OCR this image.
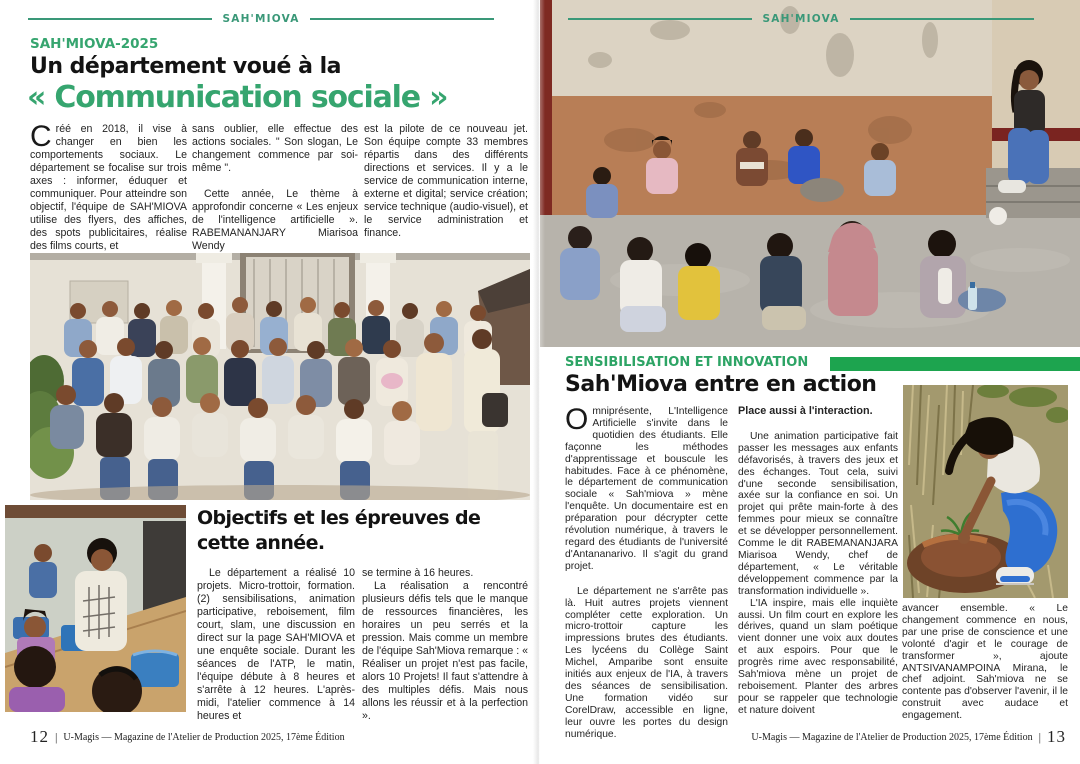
SAH'MIOVA
SAH'MIOVA-2025
Un département voué à la
« Communication sociale »

Créé en 2018, il vise à changer en bien les comportements sociaux. Le département se focalise sur trois axes : informer, éduquer et communiquer. Pour atteindre son objectif, l'équipe de SAH'MIOVA utilise des flyers, des affiches, des spots publicitaires, réalise des films courts, et

sans oublier, elle effectue des actions sociales. " Son slogan, Le changement commence par soi-même ".

Cette année, Le thème à approfondir concerne « Les enjeux de l'intelligence artificielle ». RABEMANANJARY Miarisoa Wendy

est la pilote de ce nouveau jet. Son équipe compte 33 membres répartis dans des différents directions et services. Il y a le service de communication interne, externe et digital; service création; service technique (audio-visuel), et le service administration et finance.

Objectifs et les épreuves de cette année.

Le département a réalisé 10 projets. Micro-trottoir, formation. (2) sensibilisations, animation participative, reboisement, film court, slam, une discussion en direct sur la page SAH'MIOVA et une enquête sociale. Durant les séances de l'ATP, le matin, l'équipe débute à 8 heures et s'arrête à 12 heures. L'après- midi, l'atelier commence à 14 heures et

se termine à 16 heures.

La réalisation a rencontré plusieurs défis tels que le manque de ressources financières, les horaires un peu serrés et la pression. Mais comme un membre de l'équipe Sah'Miova remarque : « Réaliser un projet n'est pas facile, alors 10 Projets! Il faut s'attendre à des multiples défis. Mais nous allons les réussir et à la perfection ».

12 | U-Magis — Magazine de l'Atelier de Production 2025, 17ème Édition
SAH'MIOVA
SENSIBILISATION ET INNOVATION
Sah'Miova entre en action

Omniprésente, L'Intelligence Artificielle s'invite dans le quotidien des étudiants. Elle façonne les méthodes d'apprentissage et bouscule les habitudes. Face à ce phénomène, le département de communication sociale « Sah'miova » mène l'enquête. Un documentaire est en préparation pour décrypter cette révolution numérique, à travers le regard des étudiants de l'université d'Antananarivo. Il s'agit du grand projet.

Le département ne s'arrête pas là. Huit autres projets viennent compléter cette exploration. Un micro-trottoir capture les impressions brutes des étudiants. Les lycéens du Collège Saint Michel, Amparibe sont ensuite initiés aux enjeux de l'IA, à travers des séances de sensibilisation. Une formation vidéo sur CorelDraw, accessible en ligne, leur ouvre les portes du design numérique.

Place aussi à l'interaction.

Une animation participative fait passer les messages aux enfants défavorisés, à travers des jeux et des échanges. Tout cela, suivi d'une seconde sensibilisation, axée sur la confiance en soi. Un projet qui prête main-forte à des femmes pour mieux se connaître et se développer personnellement. Comme le dit RABEMANANJARA Miarisoa Wendy, chef de département, « Le véritable développement commence par la transformation individuelle ».

L'IA inspire, mais elle inquiète aussi. Un film court en explore les dérives, quand un slam poétique vient donner une voix aux doutes et aux espoirs. Pour que le progrès rime avec responsabilité, Sah'miova mène un projet de reboisement. Planter des arbres pour se rappeler que technologie et nature doivent

avancer ensemble. « Le changement commence en nous, par une prise de conscience et une volonté d'agir et le courage de transformer », ajoute ANTSIVANAMPOINA Mirana, le chef adjoint. Sah'miova ne se contente pas d'observer l'avenir, il le construit avec audace et engagement.

U-Magis — Magazine de l'Atelier de Production 2025, 17ème Édition | 13
